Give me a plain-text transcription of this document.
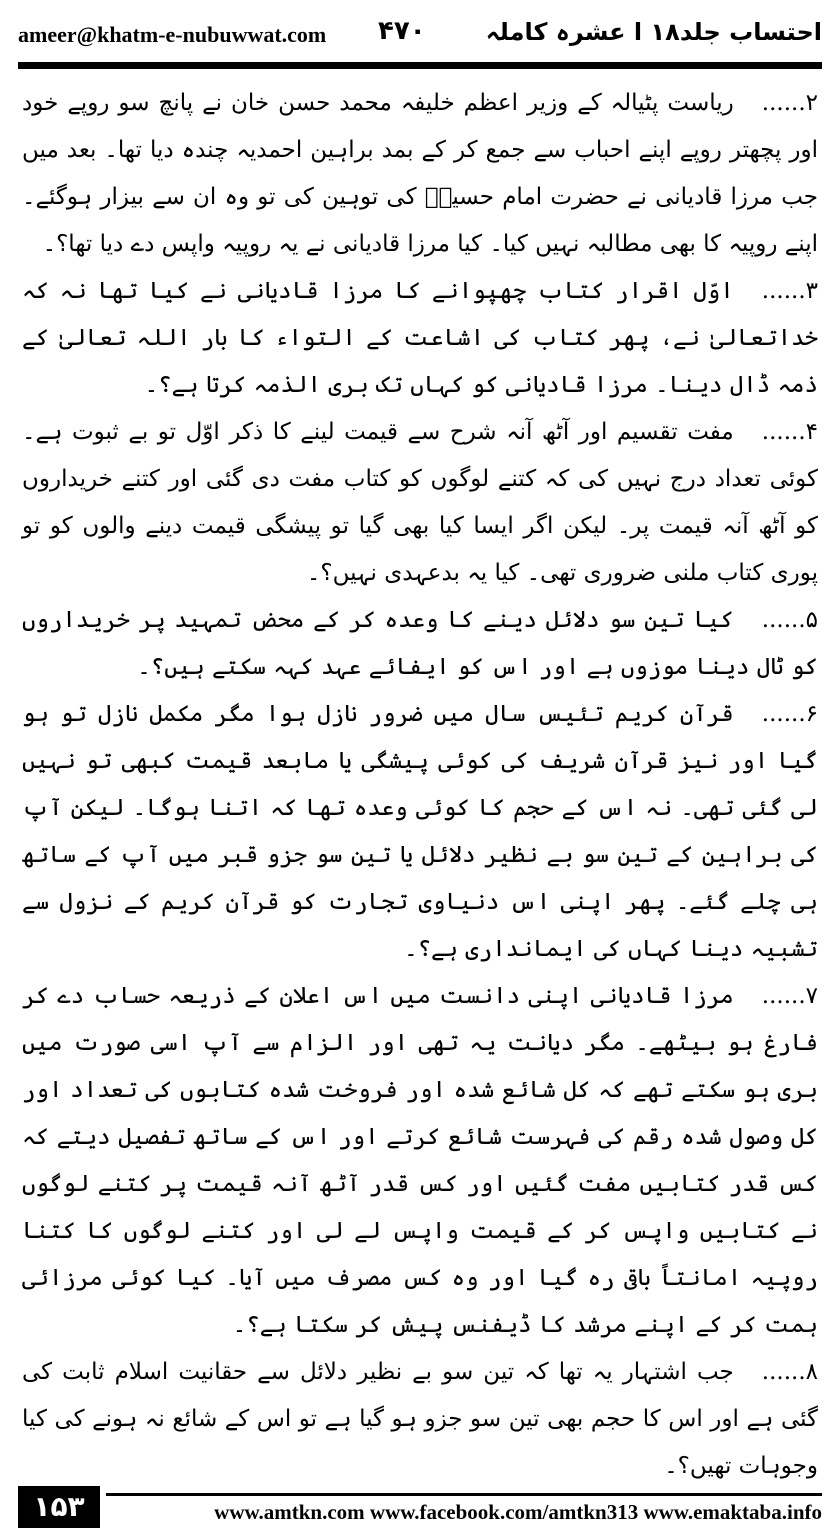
ameer@khatm-e-nubuwwat.com ۴۷۰	احتساب جلد۱۸ ا عشرہ کاملہ

۲......ریاست پٹیالہ کے وزیر اعظم خلیفہ محمد حسن خان نے پانچ سو روپے خود اور پچھتر روپے اپنے احباب سے جمع کر کے بمد براہین احمدیہ چندہ دیا تھا۔ بعد میں جب مرزا قادیانی نے حضرت امام حسینؓ کی توہین کی تو وہ ان سے بیزار ہوگئے۔ اپنے روپیہ کا بھی مطالبہ نہیں کیا۔ کیا مرزا قادیانی نے یہ روپیہ واپس دے دیا تھا؟۔

۳......اوّل اقرار کتاب چھپوانے کا مرزا قادیانی نے کیا تھا نہ کہ خداتعالیٰ نے، پھر کتاب کی اشاعت کے التواء کا بار اللہ تعالیٰ کے ذمہ ڈال دینا۔ مرزا قادیانی کو کہاں تک بری الذمہ کرتا ہے؟۔

۴......مفت تقسیم اور آٹھ آنہ شرح سے قیمت لینے کا ذکر اوّل تو بے ثبوت ہے۔ کوئی تعداد درج نہیں کی کہ کتنے لوگوں کو کتاب مفت دی گئی اور کتنے خریداروں کو آٹھ آنہ قیمت پر۔ لیکن اگر ایسا کیا بھی گیا تو پیشگی قیمت دینے والوں کو تو پوری کتاب ملنی ضروری تھی۔ کیا یہ بدعہدی نہیں؟۔

۵......کیا تین سو دلائل دینے کا وعدہ کر کے محض تمہید پر خریداروں کو ٹال دینا موزوں ہے اور اس کو ایفائے عہد کہہ سکتے ہیں؟۔

۶......قرآن کریم تئیس سال میں ضرور نازل ہوا مگر مکمل نازل تو ہو گیا اور نیز قرآن شریف کی کوئی پیشگی یا مابعد قیمت کبھی تو نہیں لی گئی تھی۔ نہ اس کے حجم کا کوئی وعدہ تھا کہ اتنا ہوگا۔ لیکن آپ کی براہین کے تین سو بے نظیر دلائل یا تین سو جزو قبر میں آپ کے ساتھ ہی چلے گئے۔ پھر اپنی اس دنیاوی تجارت کو قرآن کریم کے نزول سے تشبیہ دینا کہاں کی ایمانداری ہے؟۔

۷......مرزا قادیانی اپنی دانست میں اس اعلان کے ذریعہ حساب دے کر فارغ ہو بیٹھے۔ مگر دیانت یہ تھی اور الزام سے آپ اسی صورت میں بری ہو سکتے تھے کہ کل شائع شدہ اور فروخت شدہ کتابوں کی تعداد اور کل وصول شدہ رقم کی فہرست شائع کرتے اور اس کے ساتھ تفصیل دیتے کہ کس قدر کتابیں مفت گئیں اور کس قدر آٹھ آنہ قیمت پر کتنے لوگوں نے کتابیں واپس کر کے قیمت واپس لے لی اور کتنے لوگوں کا کتنا روپیہ امانتاً باقی رہ گیا اور وہ کس مصرف میں آیا۔ کیا کوئی مرزائی ہمت کر کے اپنے مرشد کا ڈیفنس پیش کر سکتا ہے؟۔

۸......جب اشتہار یہ تھا کہ تین سو بے نظیر دلائل سے حقانیت اسلام ثابت کی گئی ہے اور اس کا حجم بھی تین سو جزو ہو گیا ہے تو اس کے شائع نہ ہونے کی کیا وجوہات تھیں؟۔

۱۵۳	www.amtkn.com www.facebook.com/amtkn313 www.emaktaba.info
